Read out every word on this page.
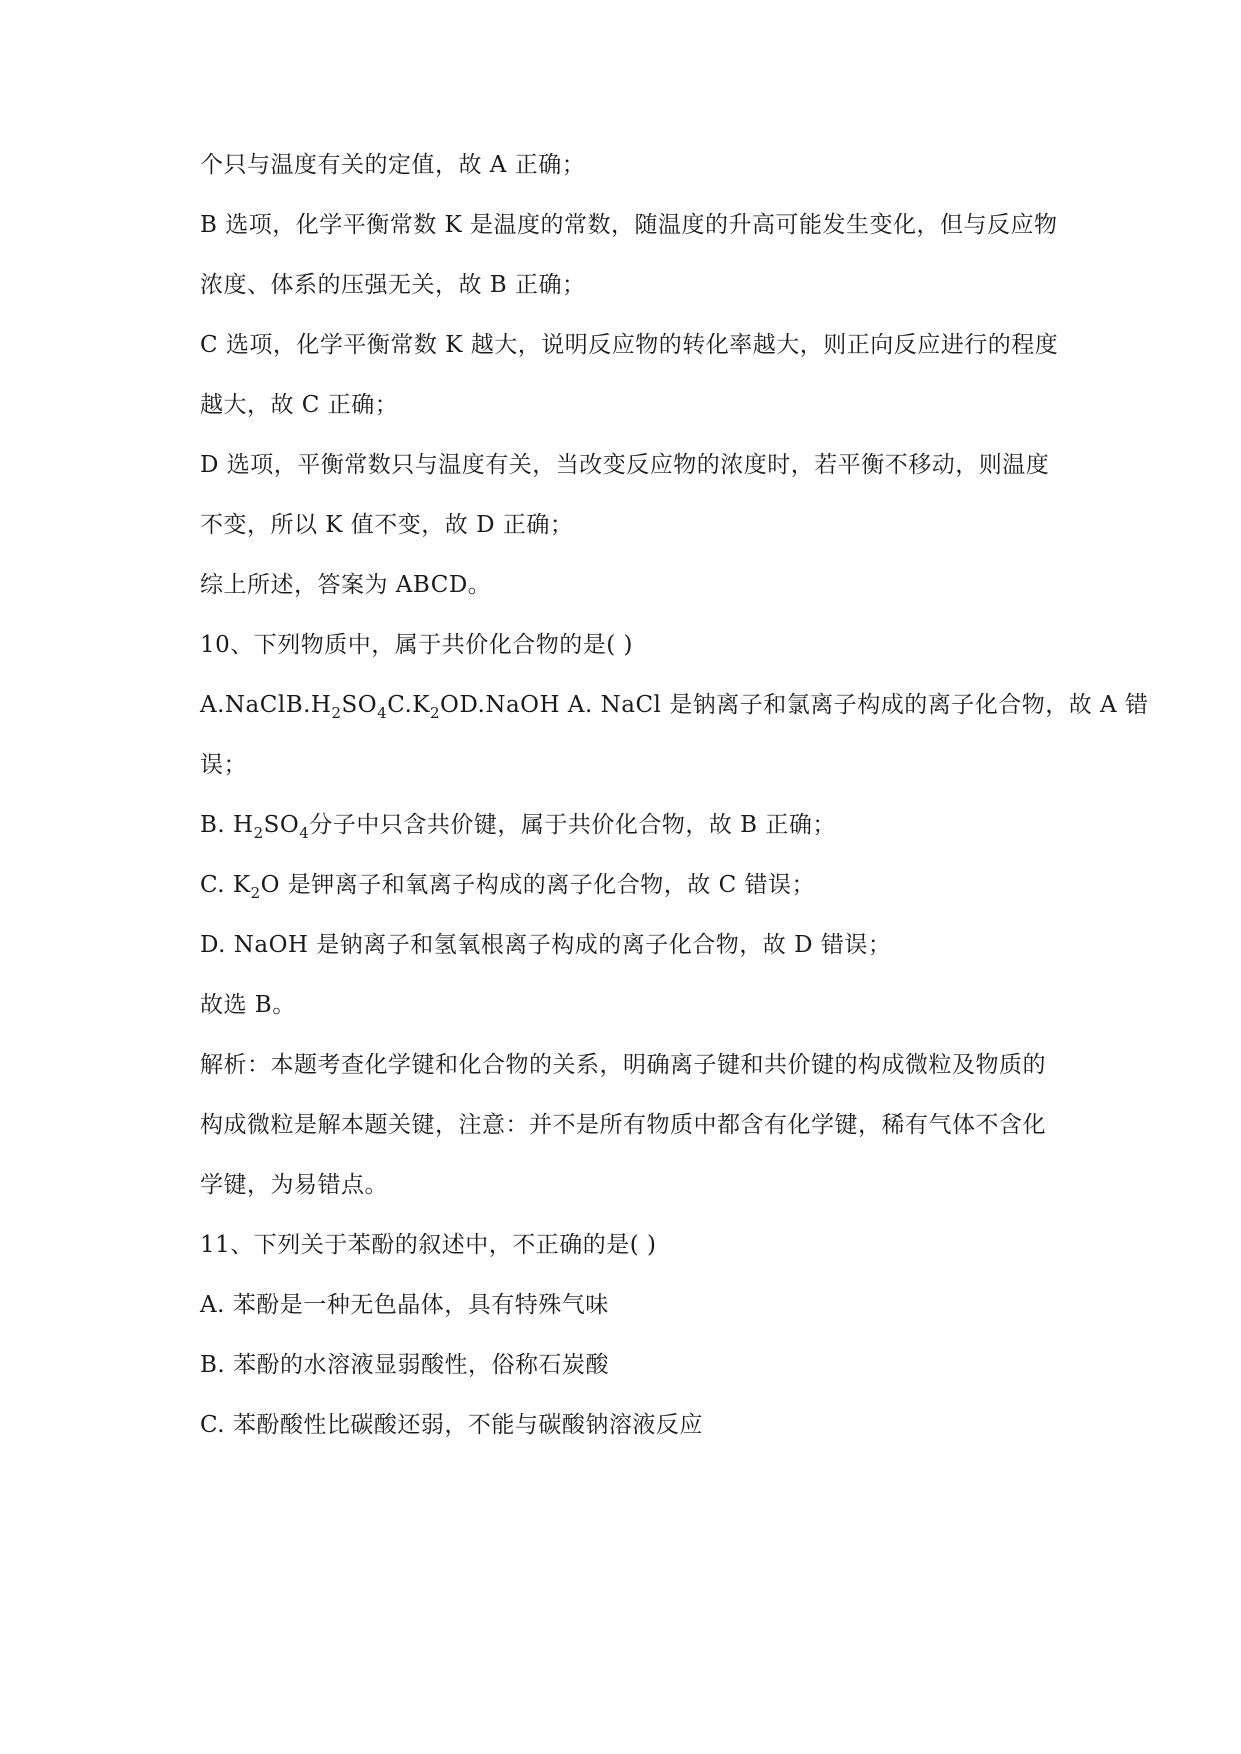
个只与温度有关的定值，故 A 正确；
B 选项，化学平衡常数 K 是温度的常数，随温度的升高可能发生变化，但与反应物
浓度、体系的压强无关，故 B 正确；
C 选项，化学平衡常数 K 越大，说明反应物的转化率越大，则正向反应进行的程度
越大，故 C 正确；
D 选项，平衡常数只与温度有关，当改变反应物的浓度时，若平衡不移动，则温度
不变，所以 K 值不变，故 D 正确；
综上所述，答案为 ABCD。
10、下列物质中，属于共价化合物的是( )
$A.NaClB.H_2SO_4C.K_2OD.NaOH$ A. NaCl 是钠离子和氯离子构成的离子化合物，故 A 错
误；
B. $H_2SO_4$分子中只含共价键，属于共价化合物，故 B 正确；
C. $K_2O$ 是钾离子和氧离子构成的离子化合物，故 C 错误；
D. NaOH 是钠离子和氢氧根离子构成的离子化合物，故 D 错误；
故选 B。
解析：本题考查化学键和化合物的关系，明确离子键和共价键的构成微粒及物质的
构成微粒是解本题关键，注意：并不是所有物质中都含有化学键，稀有气体不含化
学键，为易错点。
11、下列关于苯酚的叙述中，不正确的是( )
A. 苯酚是一种无色晶体，具有特殊气味
B. 苯酚的水溶液显弱酸性，俗称石炭酸
C. 苯酚酸性比碳酸还弱，不能与碳酸钠溶液反应
